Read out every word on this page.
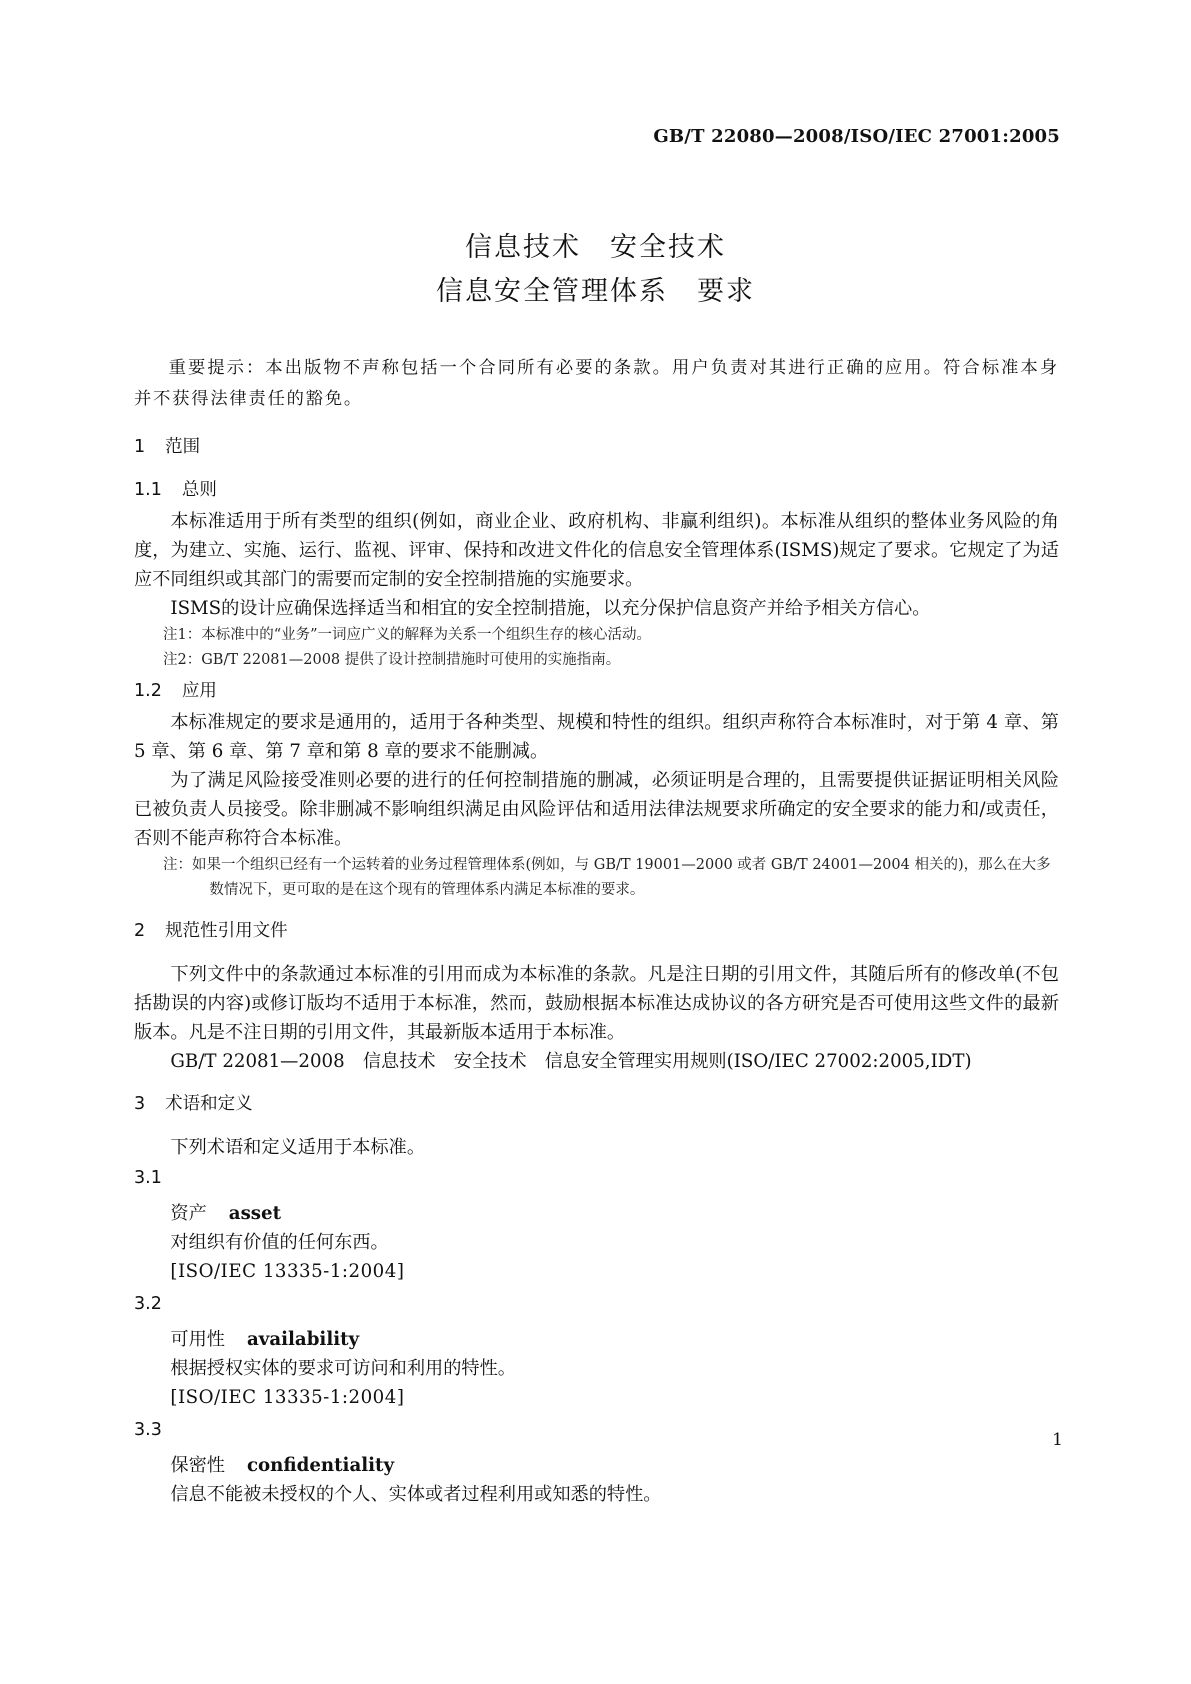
GB/T 22080—2008/ISO/IEC 27001:2005
信息技术　安全技术
信息安全管理体系　要求

重要提示：本出版物不声称包括一个合同所有必要的条款。用户负责对其进行正确的应用。符合标准本身并不获得法律责任的豁免。

1 范围
1.1 总则

本标准适用于所有类型的组织(例如，商业企业、政府机构、非赢利组织)。本标准从组织的整体业务风险的角度，为建立、实施、运行、监视、评审、保持和改进文件化的信息安全管理体系(ISMS)规定了要求。它规定了为适应不同组织或其部门的需要而定制的安全控制措施的实施要求。

ISMS的设计应确保选择适当和相宜的安全控制措施，以充分保护信息资产并给予相关方信心。

注1：本标准中的“业务”一词应广义的解释为关系一个组织生存的核心活动。

注2：GB/T 22081—2008 提供了设计控制措施时可使用的实施指南。

1.2 应用

本标准规定的要求是通用的，适用于各种类型、规模和特性的组织。组织声称符合本标准时，对于第 4 章、第 5 章、第 6 章、第 7 章和第 8 章的要求不能删减。

为了满足风险接受准则必要的进行的任何控制措施的删减，必须证明是合理的，且需要提供证据证明相关风险已被负责人员接受。除非删减不影响组织满足由风险评估和适用法律法规要求所确定的安全要求的能力和/或责任，否则不能声称符合本标准。

注：如果一个组织已经有一个运转着的业务过程管理体系(例如，与 GB/T 19001—2000 或者 GB/T 24001—2004 相关的)，那么在大多数情况下，更可取的是在这个现有的管理体系内满足本标准的要求。

2 规范性引用文件

下列文件中的条款通过本标准的引用而成为本标准的条款。凡是注日期的引用文件，其随后所有的修改单(不包括勘误的内容)或修订版均不适用于本标准，然而，鼓励根据本标准达成协议的各方研究是否可使用这些文件的最新版本。凡是不注日期的引用文件，其最新版本适用于本标准。

GB/T 22081—2008　信息技术　安全技术　信息安全管理实用规则(ISO/IEC 27002:2005,IDT)

3 术语和定义

下列术语和定义适用于本标准。

3.1
资产 asset
对组织有价值的任何东西。
[ISO/IEC 13335-1:2004]
3.2
可用性 availability
根据授权实体的要求可访问和利用的特性。
[ISO/IEC 13335-1:2004]
3.3
保密性 confidentiality
信息不能被未授权的个人、实体或者过程利用或知悉的特性。
1
